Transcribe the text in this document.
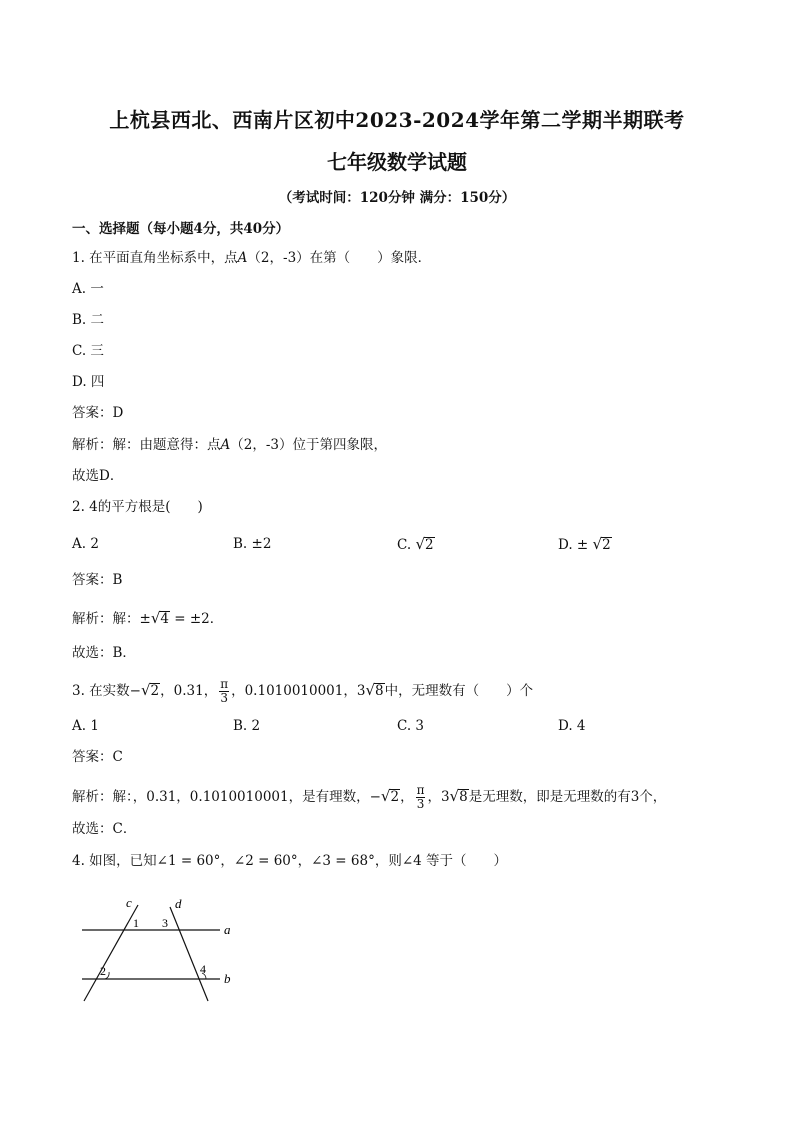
上杭县西北、西南片区初中2023-2024学年第二学期半期联考
七年级数学试题
（考试时间：120分钟 满分：150分）
一、选择题（每小题4分，共40分）
1. 在平面直角坐标系中，点A（2，-3）在第（　　）象限．
A. 一
B. 二
C. 三
D. 四
答案：D
解析：解：由题意得：点A（2，-3）位于第四象限，
故选D．
2. 4的平方根是(　　)
A. 2	B. ±2	C. √2	D. ± √2
答案：B
解析：解：±√4 = ±2．
故选：B．
3. 在实数−√2，0.31， $\frac{\pi}{3}$ ，0.1010010001，3√8中，无理数有（　　）个
A. 1	B. 2	C. 3	D. 4
答案：C
解析：解：，0.31，0.1010010001，是有理数，−√2， $\frac{\pi}{3}$ ，3√8是无理数，即是无理数的有3个，
故选：C．
4. 如图，已知∠1 = 60°，∠2 = 60°，∠3 = 68°，则∠4 等于（　　）
c	d
a
b
1
2
3
4
